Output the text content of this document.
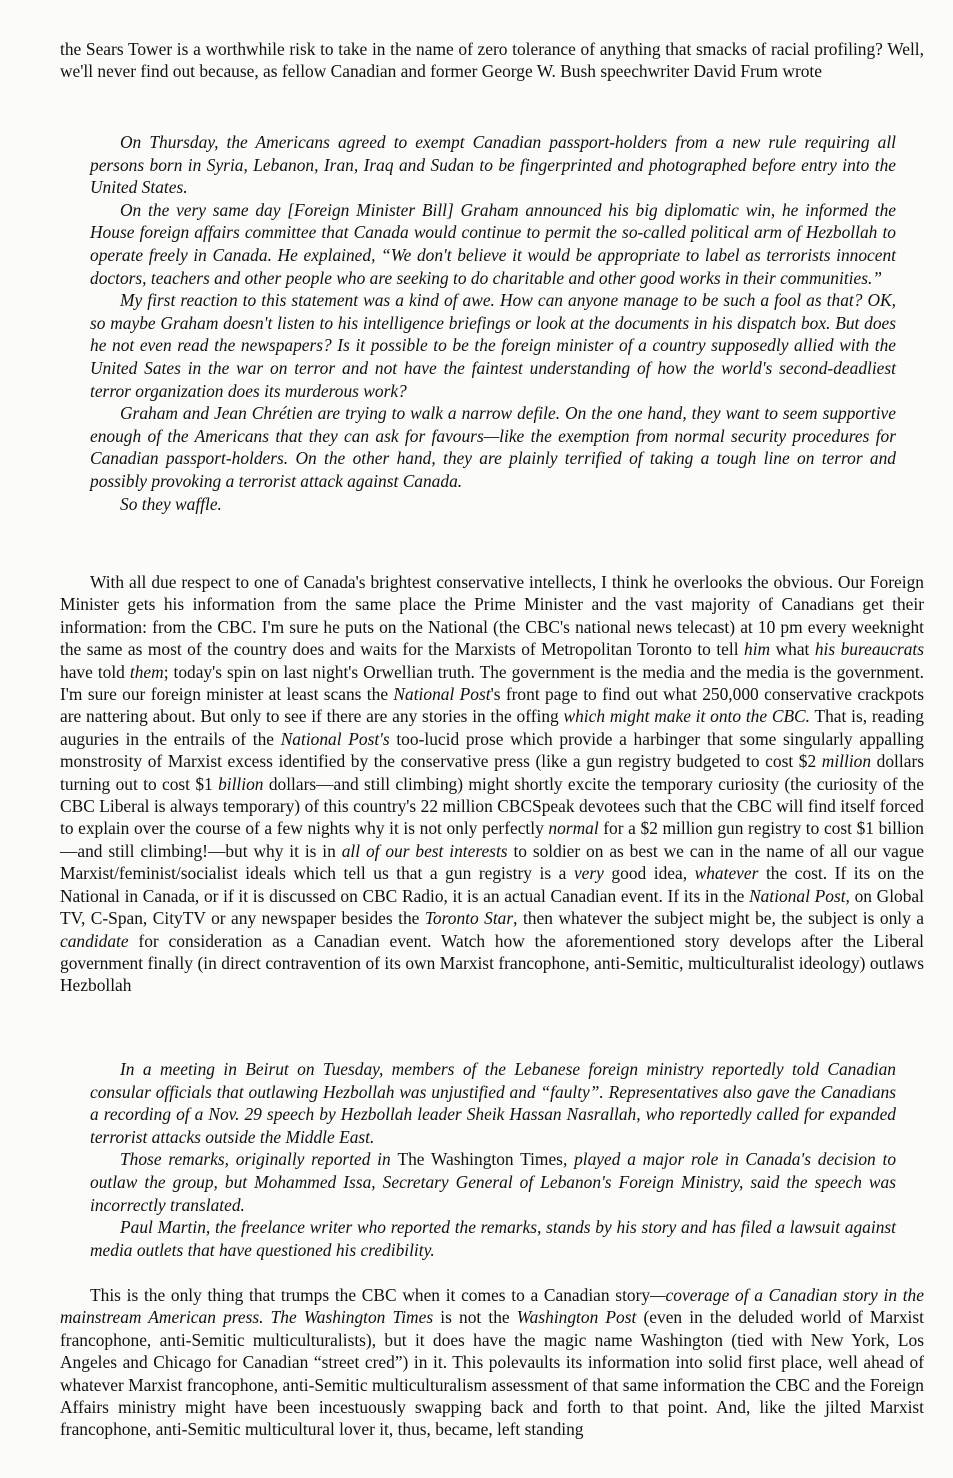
the Sears Tower is a worthwhile risk to take in the name of zero tolerance of anything that smacks of racial profiling? Well, we'll never find out because, as fellow Canadian and former George W. Bush speechwriter David Frum wrote

On Thursday, the Americans agreed to exempt Canadian passport-holders from a new rule requiring all persons born in Syria, Lebanon, Iran, Iraq and Sudan to be fingerprinted and photographed before entry into the United States.

On the very same day [Foreign Minister Bill] Graham announced his big diplomatic win, he informed the House foreign affairs committee that Canada would continue to permit the so-called political arm of Hezbollah to operate freely in Canada. He explained, “We don't believe it would be appropriate to label as terrorists innocent doctors, teachers and other people who are seeking to do charitable and other good works in their communities.”

My first reaction to this statement was a kind of awe. How can anyone manage to be such a fool as that? OK, so maybe Graham doesn't listen to his intelligence briefings or look at the documents in his dispatch box. But does he not even read the newspapers? Is it possible to be the foreign minister of a country supposedly allied with the United Sates in the war on terror and not have the faintest understanding of how the world's second-deadliest terror organization does its murderous work?

Graham and Jean Chrétien are trying to walk a narrow defile. On the one hand, they want to seem supportive enough of the Americans that they can ask for favours—like the exemption from normal security procedures for Canadian passport-holders. On the other hand, they are plainly terrified of taking a tough line on terror and possibly provoking a terrorist attack against Canada.

So they waffle.

With all due respect to one of Canada's brightest conservative intellects, I think he overlooks the obvious. Our Foreign Minister gets his information from the same place the Prime Minister and the vast majority of Canadians get their information: from the CBC. I'm sure he puts on the National (the CBC's national news telecast) at 10 pm every weeknight the same as most of the country does and waits for the Marxists of Metropolitan Toronto to tell him what his bureaucrats have told them; today's spin on last night's Orwellian truth. The government is the media and the media is the government. I'm sure our foreign minister at least scans the National Post's front page to find out what 250,000 conservative crackpots are nattering about. But only to see if there are any stories in the offing which might make it onto the CBC. That is, reading auguries in the entrails of the National Post's too-lucid prose which provide a harbinger that some singularly appalling monstrosity of Marxist excess identified by the conservative press (like a gun registry budgeted to cost $2 million dollars turning out to cost $1 billion dollars—and still climbing) might shortly excite the temporary curiosity (the curiosity of the CBC Liberal is always temporary) of this country's 22 million CBCSpeak devotees such that the CBC will find itself forced to explain over the course of a few nights why it is not only perfectly normal for a $2 million gun registry to cost $1 billion—and still climbing!—but why it is in all of our best interests to soldier on as best we can in the name of all our vague Marxist/feminist/socialist ideals which tell us that a gun registry is a very good idea, whatever the cost. If its on the National in Canada, or if it is discussed on CBC Radio, it is an actual Canadian event. If its in the National Post, on Global TV, C-Span, CityTV or any newspaper besides the Toronto Star, then whatever the subject might be, the subject is only a candidate for consideration as a Canadian event. Watch how the aforementioned story develops after the Liberal government finally (in direct contravention of its own Marxist francophone, anti-Semitic, multiculturalist ideology) outlaws Hezbollah

In a meeting in Beirut on Tuesday, members of the Lebanese foreign ministry reportedly told Canadian consular officials that outlawing Hezbollah was unjustified and “faulty”. Representatives also gave the Canadians a recording of a Nov. 29 speech by Hezbollah leader Sheik Hassan Nasrallah, who reportedly called for expanded terrorist attacks outside the Middle East.

Those remarks, originally reported in The Washington Times, played a major role in Canada's decision to outlaw the group, but Mohammed Issa, Secretary General of Lebanon's Foreign Ministry, said the speech was incorrectly translated.

Paul Martin, the freelance writer who reported the remarks, stands by his story and has filed a lawsuit against media outlets that have questioned his credibility.

This is the only thing that trumps the CBC when it comes to a Canadian story—coverage of a Canadian story in the mainstream American press. The Washington Times is not the Washington Post (even in the deluded world of Marxist francophone, anti-Semitic multiculturalists), but it does have the magic name Washington (tied with New York, Los Angeles and Chicago for Canadian “street cred”) in it. This polevaults its information into solid first place, well ahead of whatever Marxist francophone, anti-Semitic multiculturalism assessment of that same information the CBC and the Foreign Affairs ministry might have been incestuously swapping back and forth to that point. And, like the jilted Marxist francophone, anti-Semitic multicultural lover it, thus, became, left standing
